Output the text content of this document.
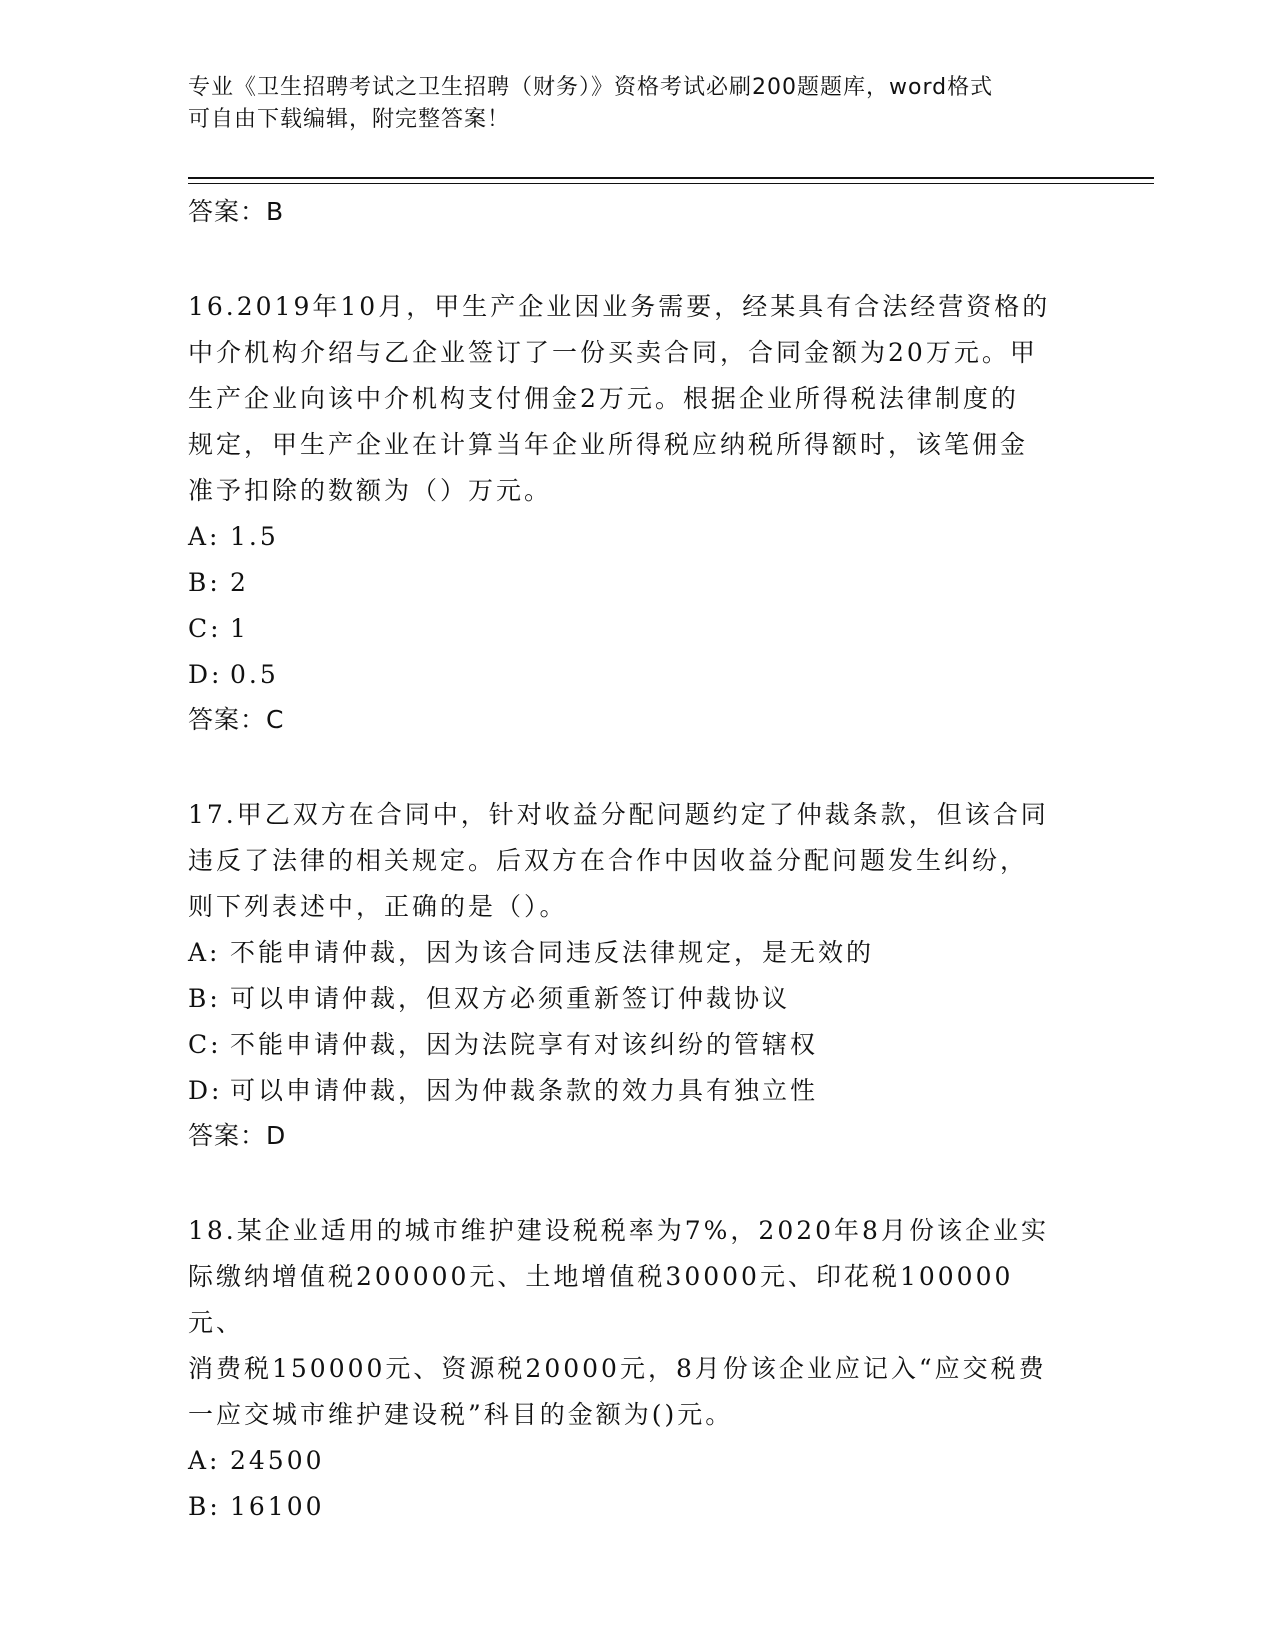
专业《卫生招聘考试之卫生招聘（财务）》资格考试必刷200题题库，word格式
可自由下载编辑，附完整答案！
答案：B
16.2019年10月，甲生产企业因业务需要，经某具有合法经营资格的
中介机构介绍与乙企业签订了一份买卖合同，合同金额为20万元。甲
生产企业向该中介机构支付佣金2万元。根据企业所得税法律制度的
规定，甲生产企业在计算当年企业所得税应纳税所得额时，该笔佣金
准予扣除的数额为（）万元。
A: 1.5
B: 2
C: 1
D: 0.5
答案：C
17.甲乙双方在合同中，针对收益分配问题约定了仲裁条款，但该合同
违反了法律的相关规定。后双方在合作中因收益分配问题发生纠纷，
则下列表述中，正确的是（）。
A: 不能申请仲裁，因为该合同违反法律规定，是无效的
B: 可以申请仲裁，但双方必须重新签订仲裁协议
C: 不能申请仲裁，因为法院享有对该纠纷的管辖权
D: 可以申请仲裁，因为仲裁条款的效力具有独立性
答案：D
18.某企业适用的城市维护建设税税率为7%，2020年8月份该企业实
际缴纳增值税200000元、土地增值税30000元、印花税100000元、
消费税150000元、资源税20000元，8月份该企业应记入“应交税费
一应交城市维护建设税”科目的金额为()元。
A: 24500
B: 16100
